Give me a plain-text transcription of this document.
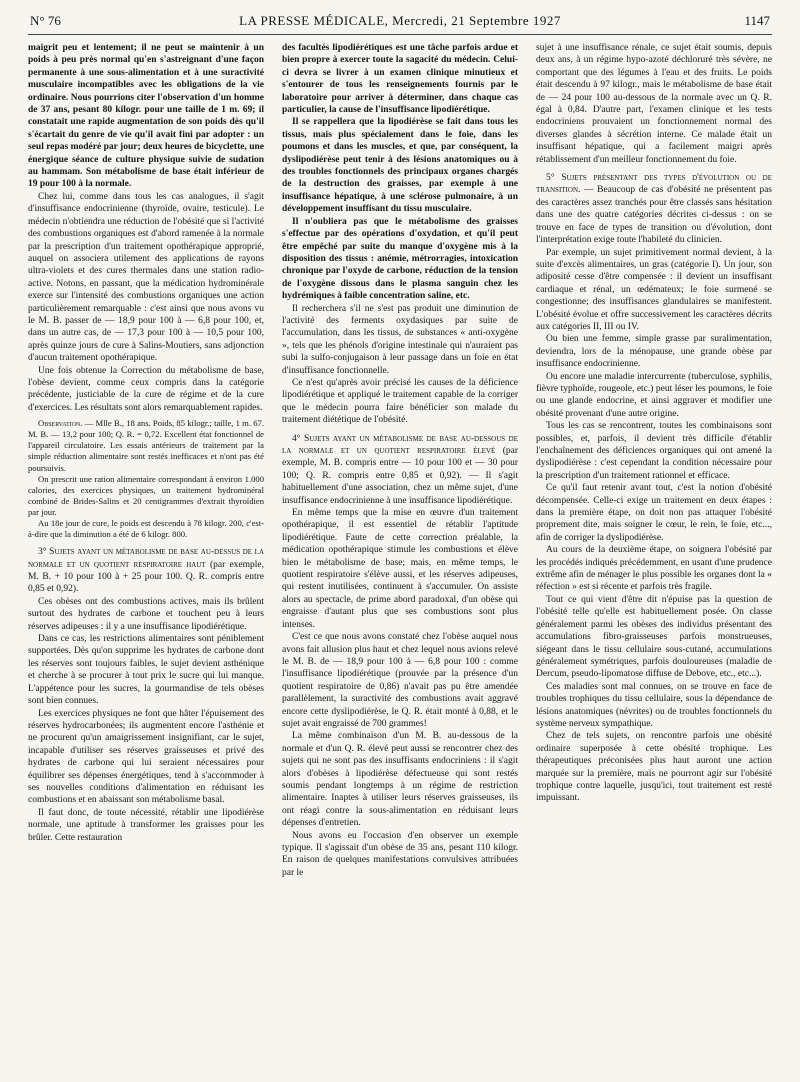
N° 76	LA PRESSE MÉDICALE, Mercredi, 21 Septembre 1927	1147

maigrit peu et lentement; il ne peut se maintenir à un poids à peu près normal qu'en s'astreignant d'une façon permanente à une sous-alimentation et à une suractivité musculaire incompatibles avec les obligations de la vie ordinaire. Nous pourrions citer l'observation d'un homme de 37 ans, pesant 80 kilogr. pour une taille de 1 m. 69; il constatait une rapide augmentation de son poids dès qu'il s'écartait du genre de vie qu'il avait fini par adopter : un seul repas modéré par jour; deux heures de bicyclette, une énergique séance de culture physique suivie de sudation au hammam. Son métabolisme de base était inférieur de 19 pour 100 à la normale.

Chez lui, comme dans tous les cas analogues, il s'agit d'insuffisance endocrinienne (thyroïde, ovaire, testicule). Le médecin n'obtiendra une réduction de l'obésité que si l'activité des combustions organiques est d'abord ramenée à la normale par la prescription d'un traitement opothérapique approprié, auquel on associera utilement des applications de rayons ultra-violets et des cures thermales dans une station radio-active. Notons, en passant, que la médication hydrominérale exerce sur l'intensité des combustions organiques une action particulièrement remarquable : c'est ainsi que nous avons vu le M. B. passer de — 18,9 pour 100 à — 6,8 pour 100, et, dans un autre cas, de — 17,3 pour 100 à — 10,5 pour 100, après quinze jours de cure à Salins-Moutiers, sans adjonction d'aucun traitement opothérapique.

Une fois obtenue la Correction du métabolisme de base, l'obèse devient, comme ceux compris dans la catégorie précédente, justiciable de la cure de régime et de la cure d'exercices. Les résultats sont alors remarquablement rapides.

Observation. — Mlle B., 18 ans. Poids, 85 kilogr.; taille, 1 m. 67. M. B. — 13,2 pour 100; Q. R. = 0,72. Excellent état fonctionnel de l'appareil circulatoire. Les essais antérieurs de traitement par la simple réduction alimentaire sont restés inefficaces et n'ont pas été poursuivis.

On prescrit une ration alimentaire correspondant à environ 1.000 calories, des exercices physiques, un traitement hydrominéral combiné de Brides-Salins et 20 centigrammes d'extrait thyroïdien par jour.

Au 18e jour de cure, le poids est descendu à 78 kilogr. 200, c'est-à-dire que la diminution a été de 6 kilogr. 800.

3° Sujets ayant un métabolisme de base au-dessus de la normale et un quotient respiratoire haut (par exemple, M. B. + 10 pour 100 à + 25 pour 100. Q. R. compris entre 0,85 et 0,92).

Ces obèses ont des combustions actives, mais ils brûlent surtout des hydrates de carbone et touchent peu à leurs réserves adipeuses : il y a une insuffisance lipodiérétique.

Dans ce cas, les restrictions alimentaires sont péniblement supportées. Dès qu'on supprime les hydrates de carbone dont les réserves sont toujours faibles, le sujet devient asthénique et cherche à se procurer à tout prix le sucre qui lui manque. L'appétence pour les sucres, la gourmandise de tels obèses sont bien connues.

Les exercices physiques ne font que hâter l'épuisement des réserves hydrocarbonées; ils augmentent encore l'asthénie et ne procurent qu'un amaigrissement insignifiant, car le sujet, incapable d'utiliser ses réserves graisseuses et privé des hydrates de carbone qui lui seraient nécessaires pour équilibrer ses dépenses énergétiques, tend à s'accommoder à ses nouvelles conditions d'alimentation en réduisant les combustions et en abaissant son métabolisme basal.

Il faut donc, de toute nécessité, rétablir une lipodiérèse normale, une aptitude à transformer les graisses pour les brûler. Cette restauration

des facultés lipodiérétiques est une tâche parfois ardue et bien propre à exercer toute la sagacité du médecin. Celui-ci devra se livrer à un examen clinique minutieux et s'entourer de tous les renseignements fournis par le laboratoire pour arriver à déterminer, dans chaque cas particulier, la cause de l'insuffisance lipodiérétique.

Il se rappellera que la lipodiérèse se fait dans tous les tissus, mais plus spécialement dans le foie, dans les poumons et dans les muscles, et que, par conséquent, la dyslipodiérèse peut tenir à des lésions anatomiques ou à des troubles fonctionnels des principaux organes chargés de la destruction des graisses, par exemple à une insuffisance hépatique, à une sclérose pulmonaire, à un développement insuffisant du tissu musculaire.

Il n'oubliera pas que le métabolisme des graisses s'effectue par des opérations d'oxydation, et qu'il peut être empêché par suite du manque d'oxygène mis à la disposition des tissus : anémie, métrorragies, intoxication chronique par l'oxyde de carbone, réduction de la tension de l'oxygène dissous dans le plasma sanguin chez les hydrémiques à faible concentration saline, etc.

Il recherchera s'il ne s'est pas produit une diminution de l'activité des ferments oxydasiques par suite de l'accumulation, dans les tissus, de substances « anti-oxygène », tels que les phénols d'origine intestinale qui n'auraient pas subi la sulfo-conjugaison à leur passage dans un foie en état d'insuffisance fonctionnelle.

Ce n'est qu'après avoir précisé les causes de la déficience lipodiérétique et appliqué le traitement capable de la corriger que le médecin pourra faire bénéficier son malade du traitement diététique de l'obésité.

4° Sujets ayant un métabolisme de base au-dessous de la normale et un quotient respiratoire élevé (par exemple, M. B. compris entre — 10 pour 100 et — 30 pour 100; Q. R. compris entre 0,85 et 0,92). — Il s'agit habituellement d'une association, chez un même sujet, d'une insuffisance endocrinienne à une insuffisance lipodiérétique.

En même temps que la mise en œuvre d'un traitement opothérapique, il est essentiel de rétablir l'aptitude lipodiérétique. Faute de cette correction préalable, la médication opothérapique stimule les combustions et élève bien le métabolisme de base; mais, en même temps, le quotient respiratoire s'élève aussi, et les réserves adipeuses, qui restent inutilisées, continuent à s'accumuler. On assiste alors au spectacle, de prime abord paradoxal, d'un obèse qui engraisse d'autant plus que ses combustions sont plus intenses.

C'est ce que nous avons constaté chez l'obèse auquel nous avons fait allusion plus haut et chez lequel nous avions relevé le M. B. de — 18,9 pour 100 à — 6,8 pour 100 : comme l'insuffisance lipodiérétique (prouvée par la présence d'un quotient respiratoire de 0,86) n'avait pas pu être amendée parallèlement, la suractivité des combustions avait aggravé encore cette dyslipodiérèse, le Q. R. était monté à 0,88, et le sujet avait engraissé de 700 grammes!

La même combinaison d'un M. B. au-dessous de la normale et d'un Q. R. élevé peut aussi se rencontrer chez des sujets qui ne sont pas des insuffisants endocriniens : il s'agit alors d'obèses à lipodiérèse défectueuse qui sont restés soumis pendant longtemps à un régime de restriction alimentaire. Inaptes à utiliser leurs réserves graisseuses, ils ont réagi contre la sous-alimentation en réduisant leurs dépenses d'entretien.

Nous avons eu l'occasion d'en observer un exemple typique. Il s'agissait d'un obèse de 35 ans, pesant 110 kilogr. En raison de quelques manifestations convulsives attribuées par le

sujet à une insuffisance rénale, ce sujet était soumis, depuis deux ans, à un régime hypo-azoté déchloruré très sévère, ne comportant que des légumes à l'eau et des fruits. Le poids était descendu à 97 kilogr., mais le métabolisme de base était de — 24 pour 100 au-dessous de la normale avec un Q. R. égal à 0,84. D'autre part, l'examen clinique et les tests endocriniens prouvaient un fonctionnement normal des diverses glandes à sécrétion interne. Ce malade était un insuffisant hépatique, qui a facilement maigri après rétablissement d'un meilleur fonctionnement du foie.

5° Sujets présentant des types d'évolution ou de transition. — Beaucoup de cas d'obésité ne présentent pas des caractères assez tranchés pour être classés sans hésitation dans une des quatre catégories décrites ci-dessus : on se trouve en face de types de transition ou d'évolution, dont l'interprétation exige toute l'habileté du clinicien.

Par exemple, un sujet primitivement normal devient, à la suite d'excès alimentaires, un gras (catégorie I). Un jour, son adiposité cesse d'être compensée : il devient un insuffisant cardiaque et rénal, un œdémateux; le foie surmené se congestionne; des insuffisances glandulaires se manifestent. L'obésité évolue et offre successivement les caractères décrits aux catégories II, III ou IV.

Ou bien une femme, simple grasse par suralimentation, deviendra, lors de la ménopause, une grande obèse par insuffisance endocrinienne.

Ou encore une maladie intercurrente (tuberculose, syphilis, fièvre typhoïde, rougeole, etc.) peut léser les poumons, le foie ou une glande endocrine, et ainsi aggraver et modifier une obésité provenant d'une autre origine.

Tous les cas se rencontrent, toutes les combinaisons sont possibles, et, parfois, il devient très difficile d'établir l'enchaînement des déficiences organiques qui ont amené la dyslipodiérèse : c'est cependant la condition nécessaire pour la prescription d'un traitement rationnel et efficace.

Ce qu'il faut retenir avant tout, c'est la notion d'obésité décompensée. Celle-ci exige un traitement en deux étapes : dans la première étape, on doit non pas attaquer l'obésité proprement dite, mais soigner le cœur, le rein, le foie, etc..., afin de corriger la dyslipodiérèse.

Au cours de la deuxième étape, on soignera l'obésité par les procédés indiqués précédemment, en usant d'une prudence extrême afin de ménager le plus possible les organes dont la « réfection » est si récente et parfois très fragile.

Tout ce qui vient d'être dit n'épuise pas la question de l'obésité telle qu'elle est habituellement posée. On classe généralement parmi les obèses des individus présentant des accumulations fibro-graisseuses parfois monstrueuses, siégeant dans le tissu cellulaire sous-cutané, accumulations généralement symétriques, parfois douloureuses (maladie de Dercum, pseudo-lipomatose diffuse de Debove, etc., etc...).

Ces maladies sont mal connues, on se trouve en face de troubles trophiques du tissu cellulaire, sous la dépendance de lésions anatomiques (névrites) ou de troubles fonctionnels du système nerveux sympathique.

Chez de tels sujets, on rencontre parfois une obésité ordinaire superposée à cette obésité trophique. Les thérapeutiques préconisées plus haut auront une action marquée sur la première, mais ne pourront agir sur l'obésité trophique contre laquelle, jusqu'ici, tout traitement est resté impuissant.
